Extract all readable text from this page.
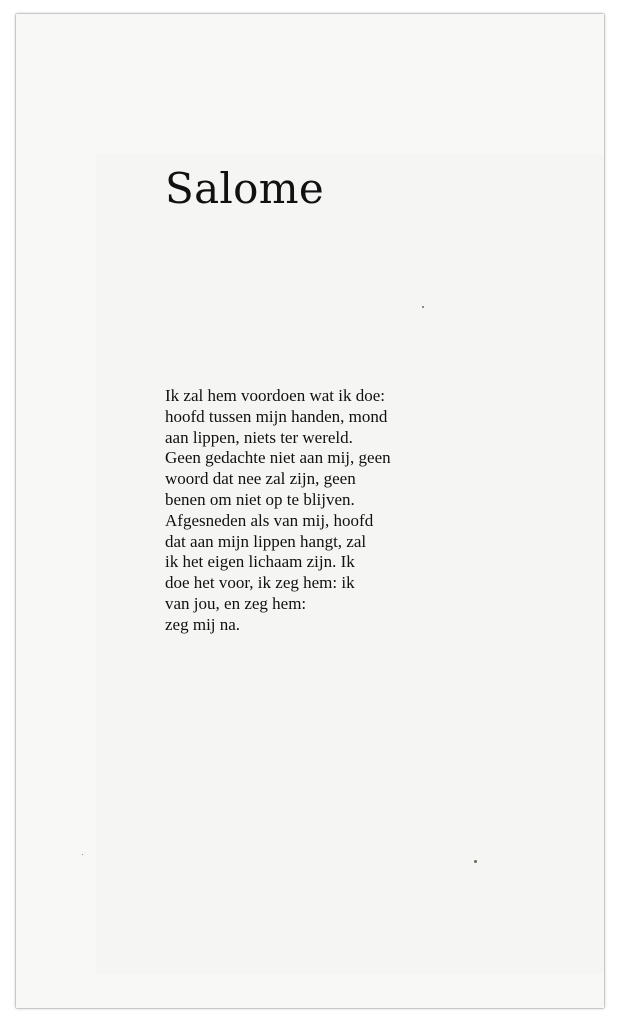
Salome
Ik zal hem voordoen wat ik doe:
hoofd tussen mijn handen, mond
aan lippen, niets ter wereld.
Geen gedachte niet aan mij, geen
woord dat nee zal zijn, geen
benen om niet op te blijven.
Afgesneden als van mij, hoofd
dat aan mijn lippen hangt, zal
ik het eigen lichaam zijn. Ik
doe het voor, ik zeg hem: ik
van jou, en zeg hem:
zeg mij na.
